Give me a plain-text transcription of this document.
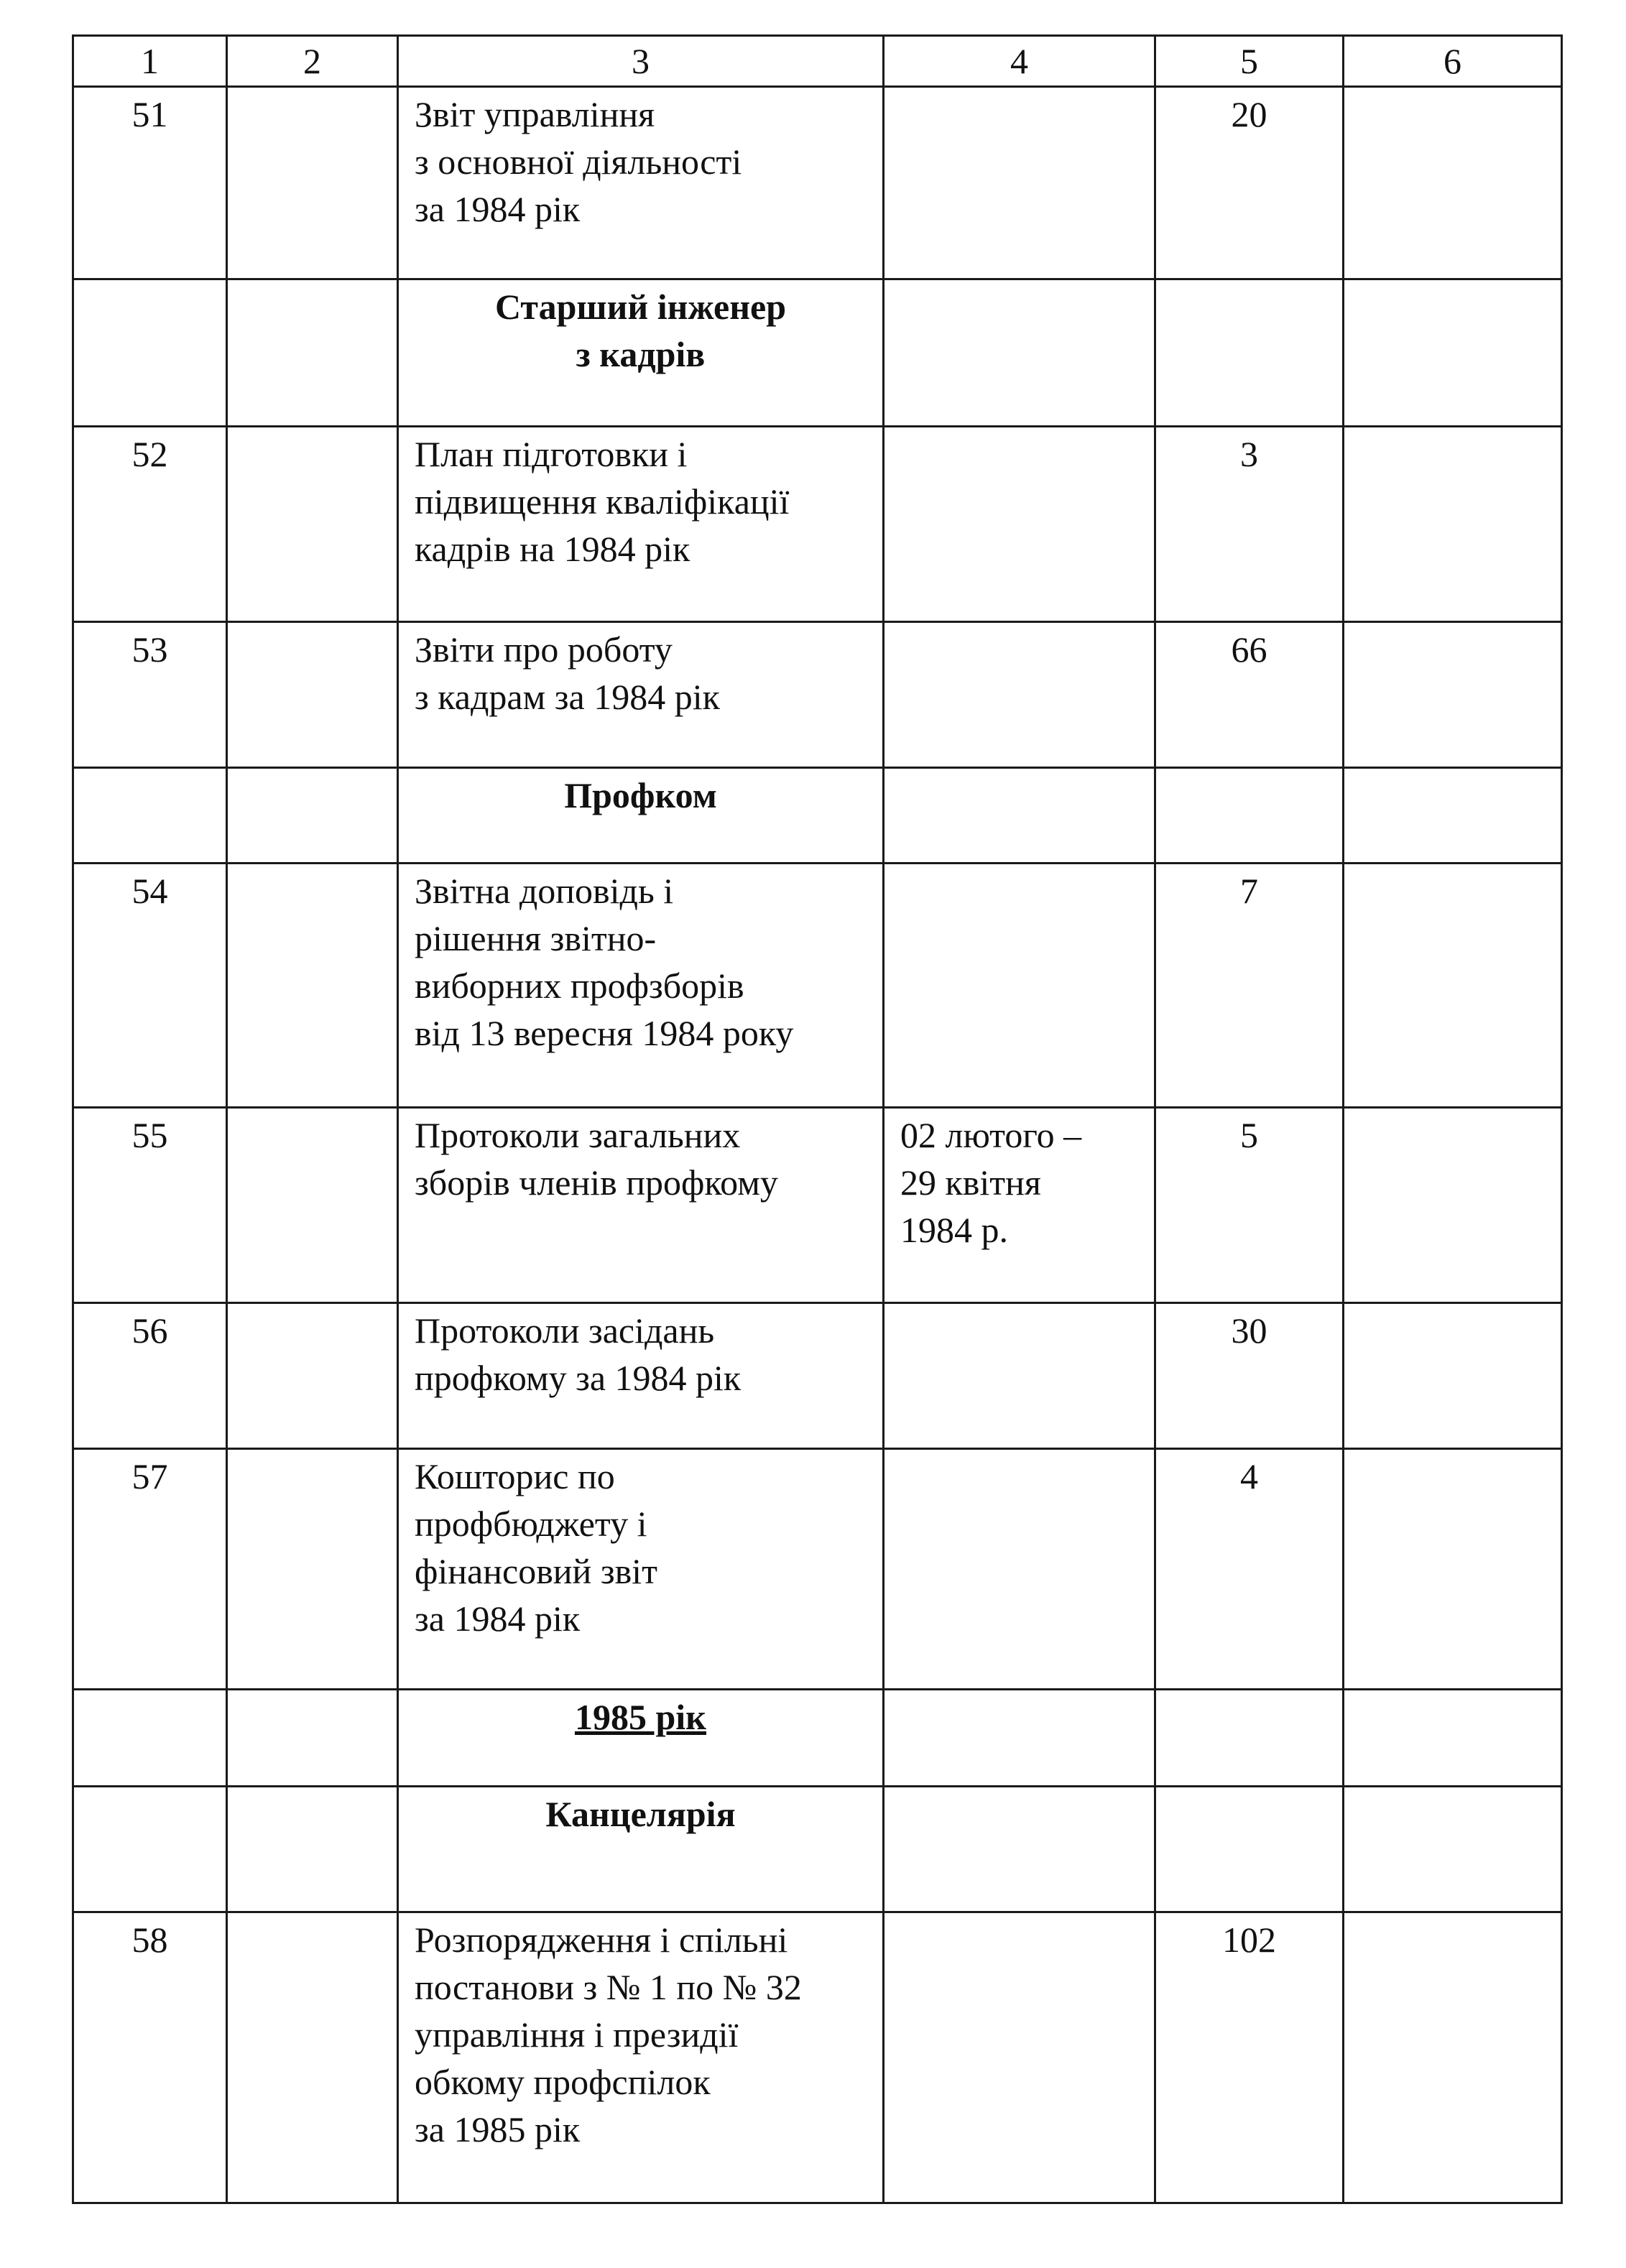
1	2	3	4	5	6
51		Звіт управління
з основної діяльності
за 1984 рік		20	

		Старший інженер
з кадрів			

52		План підготовки і
підвищення кваліфікації
кадрів на 1984 рік		3	
53		Звіти про роботу
з кадрам за 1984 рік		66	

		Профком			

54		Звітна доповідь і
рішення звітно-
виборних профзборів
від 13 вересня 1984 року		7	
55		Протоколи загальних
зборів членів профкому	02 лютого –
29 квітня
1984 р.	5	
56		Протоколи засідань
профкому за 1984 рік		30	
57		Кошторис по
профбюджету і
фінансовий звіт
за 1984 рік		4	

		1985 рік			

		Канцелярія			

58		Розпорядження і спільні
постанови з № 1 по № 32
управління і президії
обкому профспілок
за 1985 рік		102	
